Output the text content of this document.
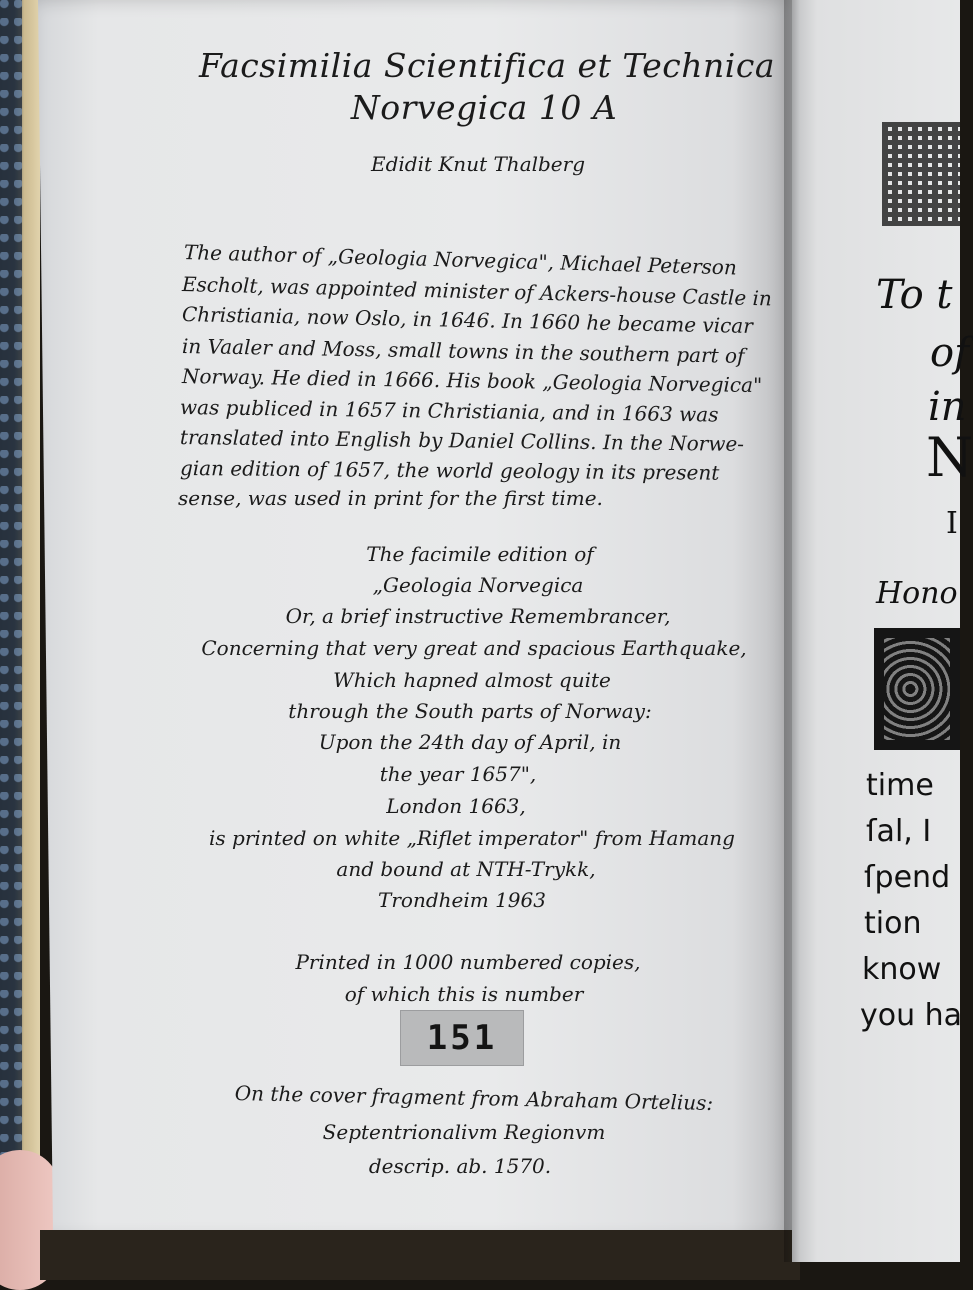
Facsimilia Scientifica et Technica
Norvegica 10 A
Edidit Knut Thalberg
The author of „Geologia Norvegica", Michael Peterson
Escholt, was appointed minister of Ackers-house Castle in
Christiania, now Oslo, in 1646. In 1660 he became vicar
in Vaaler and Moss, small towns in the southern part of
Norway. He died in 1666. His book „Geologia Norvegica"
was publiced in 1657 in Christiania, and in 1663 was
translated into English by Daniel Collins. In the Norwe-
gian edition of 1657, the world geology in its present
sense, was used in print for the first time.
The facimile edition of
„Geologia Norvegica
Or, a brief instructive Remembrancer,
Concerning that very great and spacious Earthquake,
Which hapned almost quite
through the South parts of Norway:
Upon the 24th day of April, in
the year 1657",
London 1663,
is printed on white „Riflet imperator" from Hamang
and bound at NTH-Trykk,
Trondheim 1963
Printed in 1000 numbered copies,
of which this is number
151
On the cover fragment from Abraham Ortelius:
Septentrionalivm Regionvm
descrip. ab. 1570.
To t
of
in
N
I
Hono
time
ſal, I
ſpend
tion
know
you ha
